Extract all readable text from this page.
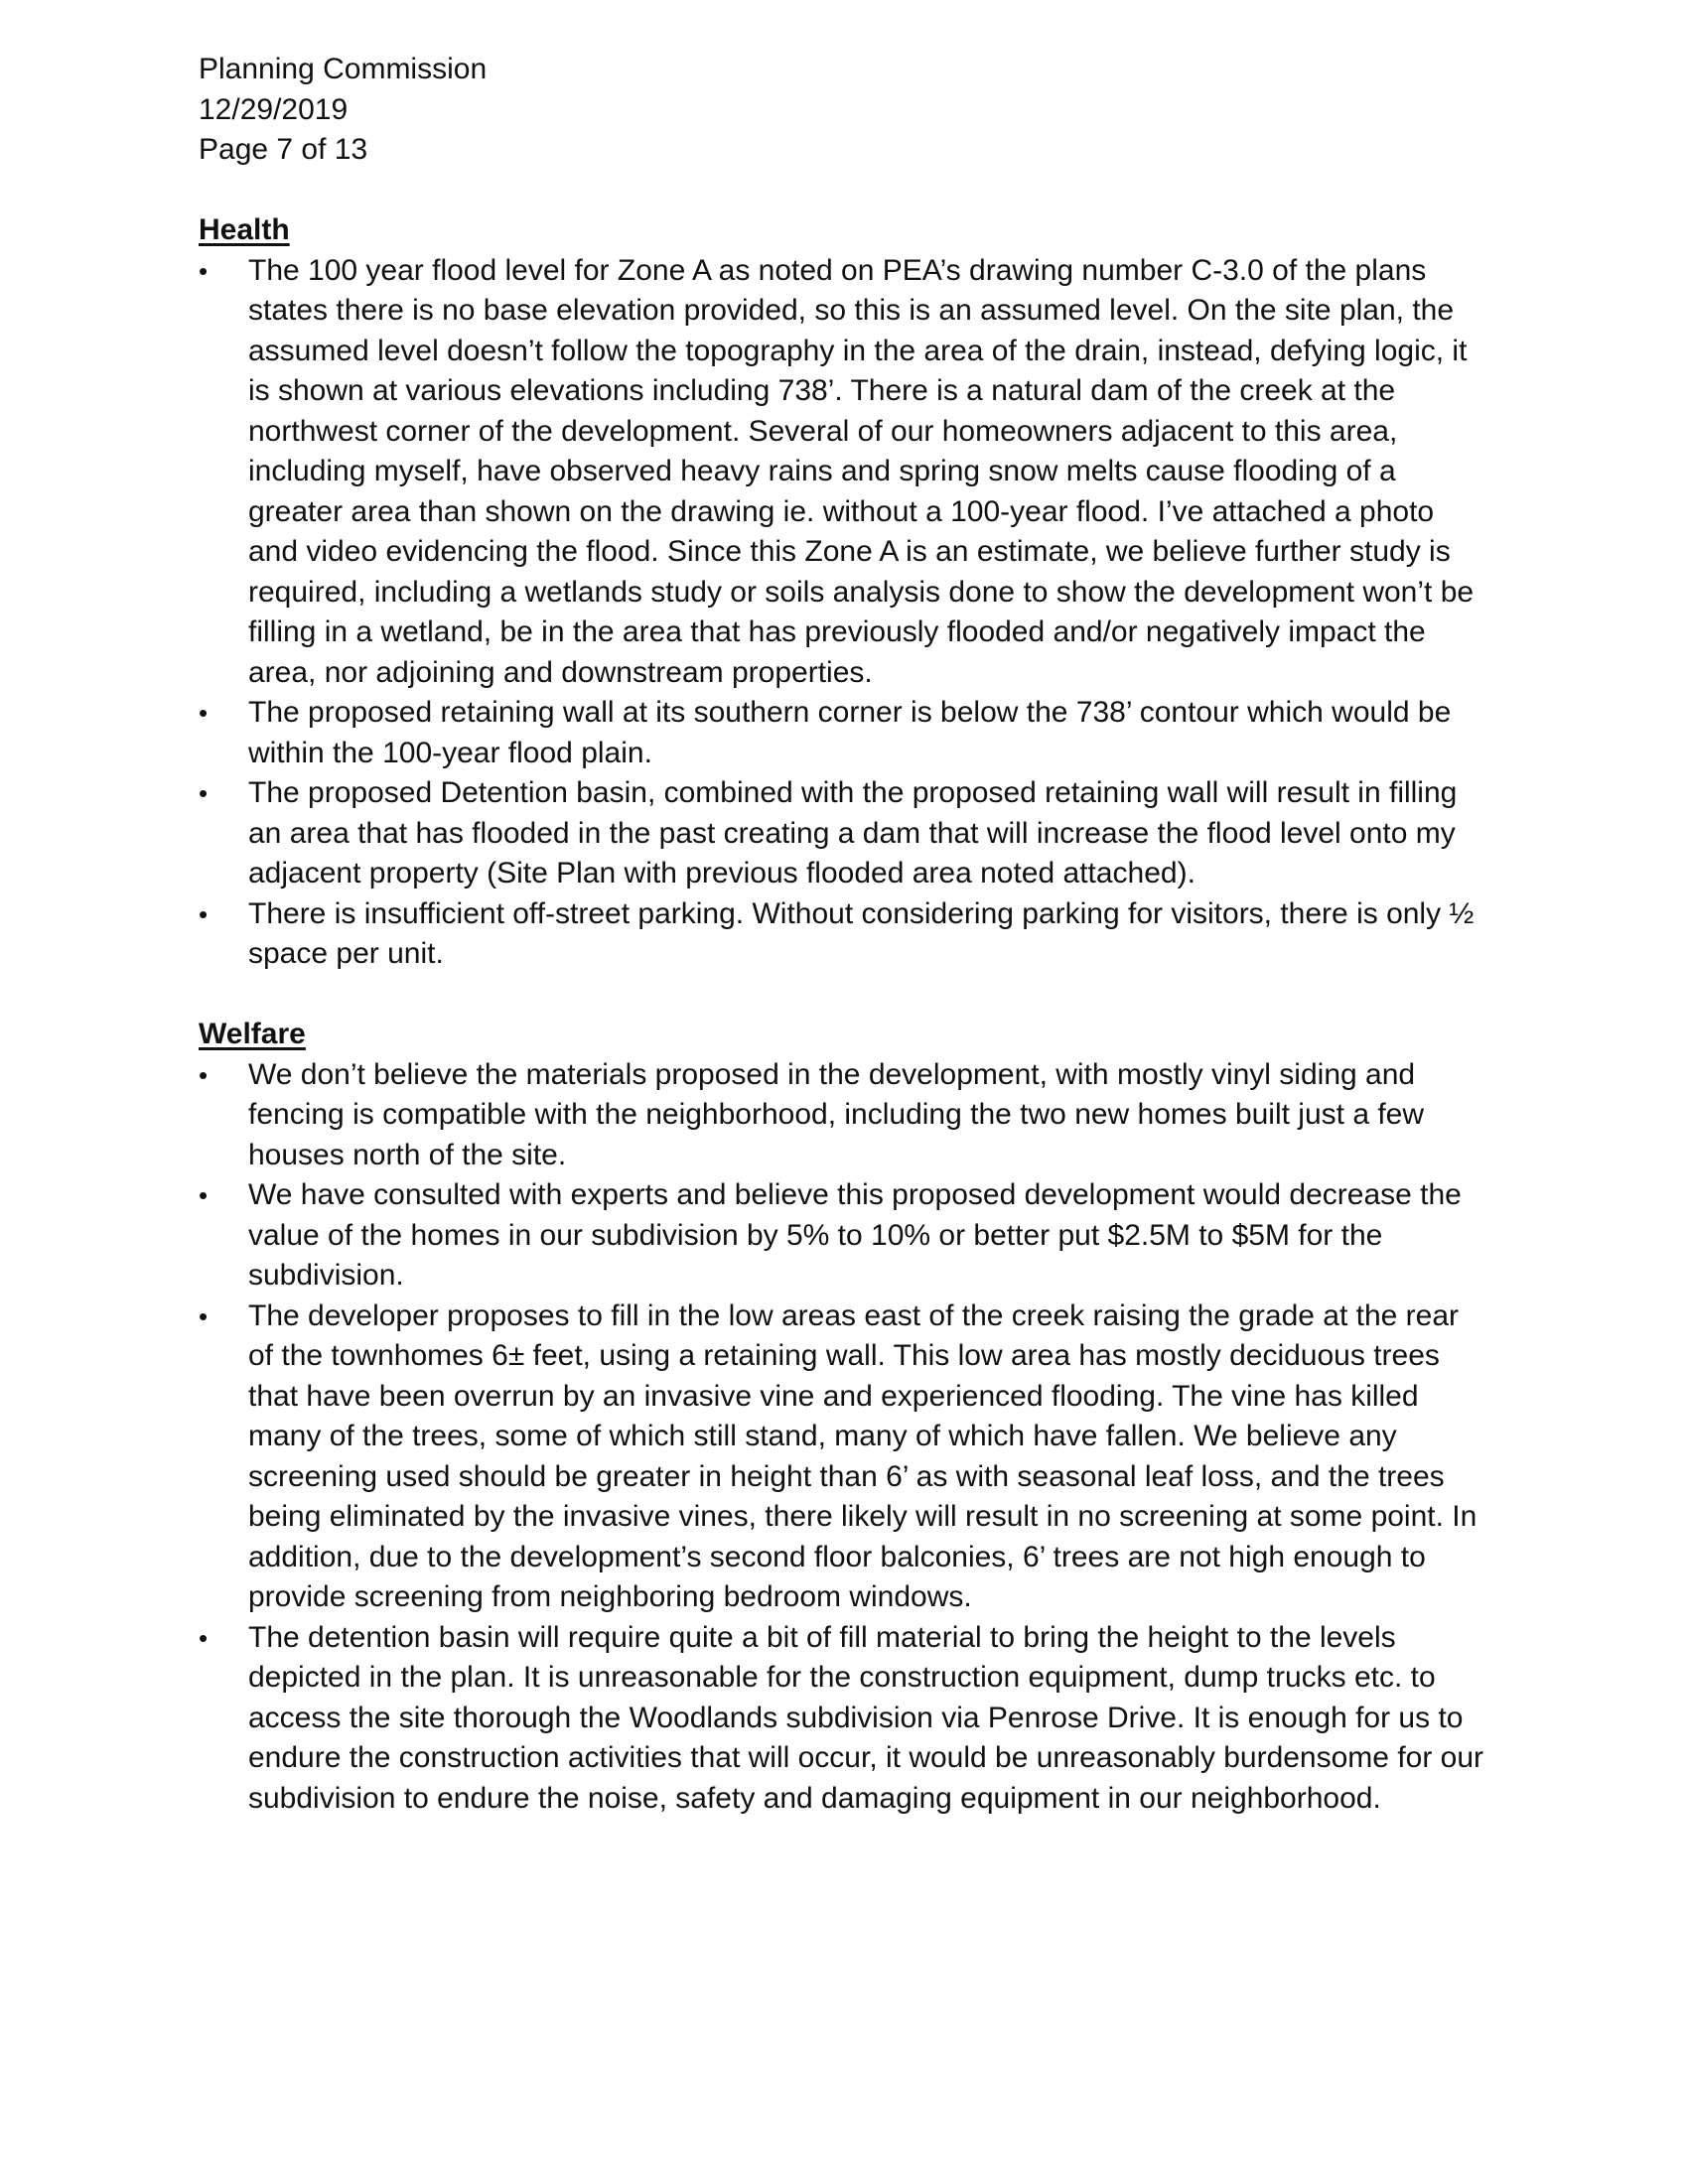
Planning Commission
12/29/2019
Page 7 of 13
Health
•	The 100 year flood level for Zone A as noted on PEA’s drawing number C-3.0 of the plans states there is no base elevation provided, so this is an assumed level. On the site plan, the assumed level doesn’t follow the topography in the area of the drain, instead, defying logic, it is shown at various elevations including 738’. There is a natural dam of the creek at the northwest corner of the development. Several of our homeowners adjacent to this area, including myself, have observed heavy rains and spring snow melts cause flooding of a greater area than shown on the drawing ie. without a 100-year flood. I’ve attached a photo and video evidencing the flood. Since this Zone A is an estimate, we believe further study is required, including a wetlands study or soils analysis done to show the development won’t be filling in a wetland, be in the area that has previously flooded and/or negatively impact the area, nor adjoining and downstream properties.
•	The proposed retaining wall at its southern corner is below the 738’ contour which would be within the 100-year flood plain.
•	The proposed Detention basin, combined with the proposed retaining wall will result in filling an area that has flooded in the past creating a dam that will increase the flood level onto my adjacent property (Site Plan with previous flooded area noted attached).
•	There is insufficient off-street parking. Without considering parking for visitors, there is only ½ space per unit.
Welfare
•	We don’t believe the materials proposed in the development, with mostly vinyl siding and fencing is compatible with the neighborhood, including the two new homes built just a few houses north of the site.
•	We have consulted with experts and believe this proposed development would decrease the value of the homes in our subdivision by 5% to 10% or better put $2.5M to $5M for the subdivision.
•	The developer proposes to fill in the low areas east of the creek raising the grade at the rear of the townhomes 6± feet, using a retaining wall. This low area has mostly deciduous trees that have been overrun by an invasive vine and experienced flooding. The vine has killed many of the trees, some of which still stand, many of which have fallen. We believe any screening used should be greater in height than 6’ as with seasonal leaf loss, and the trees being eliminated by the invasive vines, there likely will result in no screening at some point. In addition, due to the development’s second floor balconies, 6’ trees are not high enough to provide screening from neighboring bedroom windows.
•	The detention basin will require quite a bit of fill material to bring the height to the levels depicted in the plan. It is unreasonable for the construction equipment, dump trucks etc. to access the site thorough the Woodlands subdivision via Penrose Drive. It is enough for us to endure the construction activities that will occur, it would be unreasonably burdensome for our subdivision to endure the noise, safety and damaging equipment in our neighborhood.
